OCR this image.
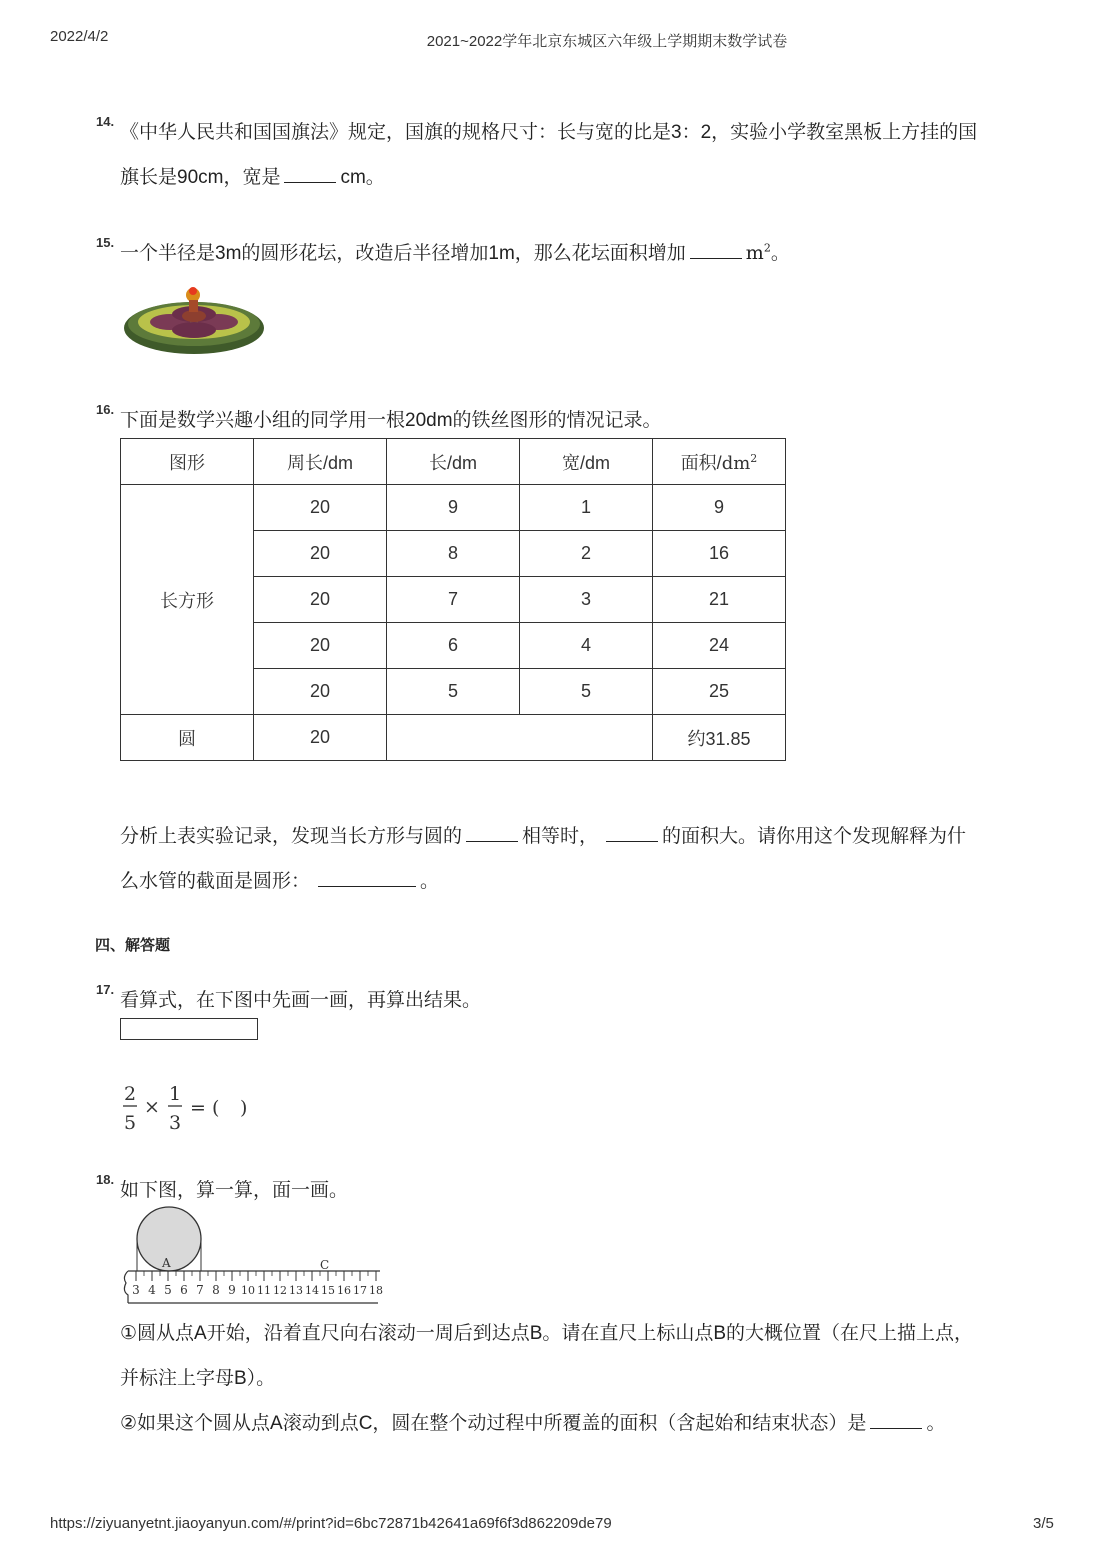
2022/4/2	2021~2022学年北京东城区六年级上学期期末数学试卷
14.
《中华人民共和国国旗法》规定，国旗的规格尺寸：长与宽的比是3：2，实验小学教室黑板上方挂的国
旗长是90cm，宽是	cm。
15.
一个半径是3m的圆形花坛，改造后半径增加1m，那么花坛面积增加	$m^2$。
16.
下面是数学兴趣小组的同学用一根20dm的铁丝图形的情况记录。
图形	周长/dm	长/dm	宽/dm	面积$/dm^2$
长方形	20	9	1	9
	20	8	2	16
	20	7	3	21
	20	6	4	24
	20	5	5	25
圆	20			约31.85
分析上表实验记录，发现当长方形与圆的	相等时，	的面积大。请你用这个发现解释为什
么水管的截面是圆形：	。
四、解答题
17.
看算式，在下图中先画一画，再算出结果。
2
5
×
1
3
= ( )
18.
如下图，算一算，面一画。
A	C
3 4 5 6 7 8 9 10 11 12 13 14 15 16 17 18
①圆从点A开始，沿着直尺向右滚动一周后到达点B。请在直尺上标山点B的大概位置（在尺上描上点，
并标注上字母B）。
②如果这个圆从点A滚动到点C，圆在整个动过程中所覆盖的面积（含起始和结束状态）是	。
https://ziyuanyetnt.jiaoyanyun.com/#/print?id=6bc72871b42641a69f6f3d862209de79	3/5
